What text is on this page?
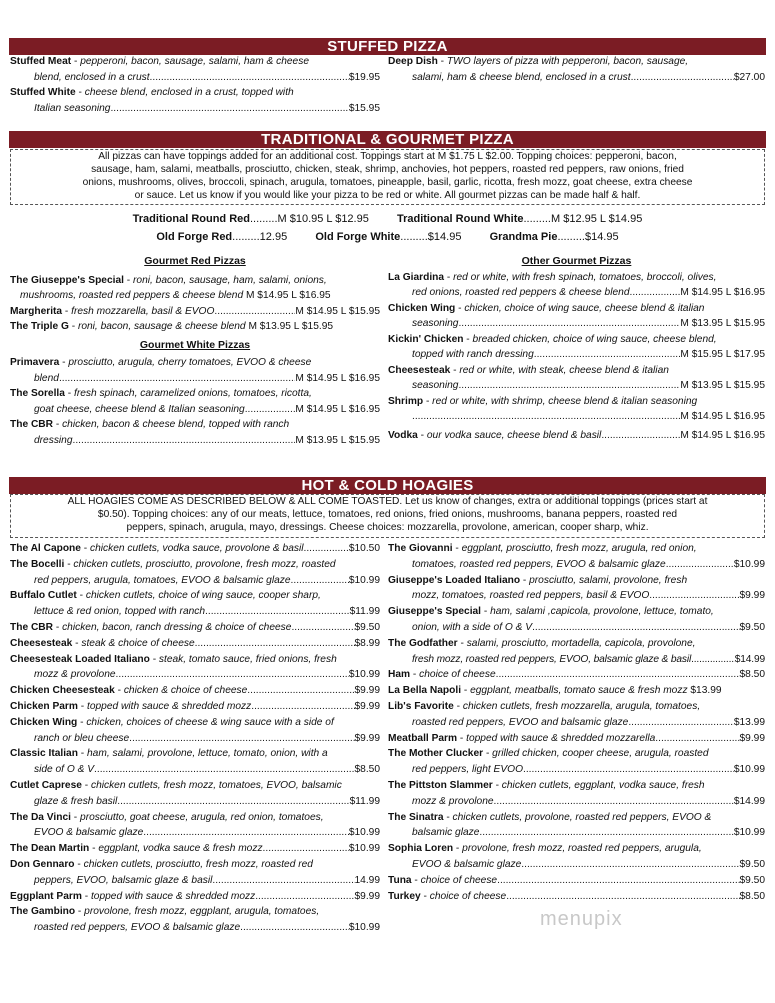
STUFFED PIZZA
Stuffed Meat - pepperoni, bacon, sausage, salami, ham & cheese
blend, enclosed in a crust .....	$19.95
Stuffed White - cheese blend, enclosed in a crust, topped with
Italian seasoning .....	$15.95
Deep Dish - TWO layers of pizza with pepperoni, bacon, sausage,
salami, ham & cheese blend, enclosed in a crust .....	$27.00
TRADITIONAL & GOURMET PIZZA
All pizzas can have toppings added for an additional cost. Toppings start at M $1.75 L $2.00. Topping choices: pepperoni, bacon,
sausage, ham, salami, meatballs, prosciutto, chicken, steak, shrimp, anchovies, hot peppers, roasted red peppers, raw onions, fried
onions, mushrooms, olives, broccoli, spinach, arugula, tomatoes, pineapple, basil, garlic, ricotta, fresh mozz, goat cheese, extra cheese
or sauce. Let us know if you would like your pizza to be red or white. All gourmet pizzas can be made half & half.
Traditional Round Red.........M $10.95 L $12.95	Traditional Round White.........M $12.95 L $14.95
Old Forge Red.........12.95	Old Forge White.........$14.95	Grandma Pie.........$14.95
Gourmet Red Pizzas
The Giuseppe's Special - roni, bacon, sausage, ham, salami, onions,
mushrooms, roasted red peppers & cheese blend
M $14.95 L $16.95
Margherita - fresh mozzarella, basil & EVOO .....	M $14.95 L $15.95
The Triple G - roni, bacon, sausage & cheese blend
M $13.95 L $15.95
Gourmet White Pizzas
Primavera - prosciutto, arugula, cherry tomatoes, EVOO & cheese
blend .....	M $14.95 L $16.95
The Sorella - fresh spinach, caramelized onions, tomatoes, ricotta,
goat cheese, cheese blend & Italian seasoning .....	M $14.95 L $16.95
The CBR - chicken, bacon & cheese blend, topped with ranch
dressing .....	M $13.95 L $15.95
Other Gourmet Pizzas
La Giardina - red or white, with fresh spinach, tomatoes, broccoli, olives,
red onions, roasted red peppers & cheese blend .....	M $14.95 L $16.95
Chicken Wing - chicken, choice of wing sauce, cheese blend & italian
seasoning .....	M $13.95 L $15.95
Kickin' Chicken - breaded chicken, choice of wing sauce, cheese blend,
topped with ranch dressing .....	M $15.95 L $17.95
Cheesesteak - red or white, with steak, cheese blend & italian
seasoning .....	M $13.95 L $15.95
Shrimp - red or white, with shrimp, cheese blend & italian seasoning
.....
M $14.95 L $16.95
Vodka - our vodka sauce, cheese blend & basil .....	M $14.95 L $16.95
HOT & COLD HOAGIES
ALL HOAGIES COME AS DESCRIBED BELOW & ALL COME TOASTED. Let us know of changes, extra or additional toppings (prices start at
$0.50). Topping choices: any of our meats, lettuce, tomatoes, red onions, fried onions, mushrooms, banana peppers, roasted red
peppers, spinach, arugula, mayo, dressings. Cheese choices: mozzarella, provolone, american, cooper sharp, whiz.
The Al Capone - chicken cutlets, vodka sauce, provolone & basil .....	$10.50
The Bocelli - chicken cutlets, prosciutto, provolone, fresh mozz, roasted
red peppers, arugula, tomatoes, EVOO & balsamic glaze .....	$10.99
Buffalo Cutlet - chicken cutlets, choice of wing sauce, cooper sharp,
lettuce & red onion, topped with ranch .....	$11.99
The CBR - chicken, bacon, ranch dressing & choice of cheese .....	$9.50
Cheesesteak - steak & choice of cheese .....	$8.99
Cheesesteak Loaded Italiano - steak, tomato sauce, fried onions, fresh
mozz & provolone .....	$10.99
Chicken Cheesesteak - chicken & choice of cheese .....	$9.99
Chicken Parm - topped with sauce & shredded mozz .....	$9.99
Chicken Wing - chicken, choices of cheese & wing sauce with a side of
ranch or bleu cheese .....	$9.99
Classic Italian - ham, salami, provolone, lettuce, tomato, onion, with a
side of O & V .....	$8.50
Cutlet Caprese - chicken cutlets, fresh mozz, tomatoes, EVOO, balsamic
glaze & fresh basil .....	$11.99
The Da Vinci - prosciutto, goat cheese, arugula, red onion, tomatoes,
EVOO & balsamic glaze .....	$10.99
The Dean Martin - eggplant, vodka sauce & fresh mozz .....	$10.99
Don Gennaro - chicken cutlets, prosciutto, fresh mozz, roasted red
peppers, EVOO, balsamic glaze & basil .....	14.99
Eggplant Parm - topped with sauce & shredded mozz .....	$9.99
The Gambino - provolone, fresh mozz, eggplant, arugula, tomatoes,
roasted red peppers, EVOO & balsamic glaze .....	$10.99
The Giovanni - eggplant, prosciutto, fresh mozz, arugula, red onion,
tomatoes, roasted red peppers, EVOO & balsamic glaze .....	$10.99
Giuseppe's Loaded Italiano - prosciutto, salami, provolone, fresh
mozz, tomatoes, roasted red peppers, basil & EVOO .....	$9.99
Giuseppe's Special - ham, salami ,capicola, provolone, lettuce, tomato,
onion, with a side of O & V .....	$9.50
The Godfather - salami, prosciutto, mortadella, capicola, provolone,
fresh mozz, roasted red peppers, EVOO, balsamic glaze & basil .....	$14.99
Ham - choice of cheese .....	$8.50
La Bella Napoli - eggplant, meatballs, tomato sauce & fresh mozz
$13.99
Lib's Favorite - chicken cutlets, fresh mozzarella, arugula, tomatoes,
roasted red peppers, EVOO and balsamic glaze .....	$13.99
Meatball Parm - topped with sauce & shredded mozzarella .....	$9.99
The Mother Clucker - grilled chicken, cooper cheese, arugula, roasted
red peppers, light EVOO .....	$10.99
The Pittston Slammer - chicken cutlets, eggplant, vodka sauce, fresh
mozz & provolone .....	$14.99
The Sinatra - chicken cutlets, provolone, roasted red peppers, EVOO &
balsamic glaze .....	$10.99
Sophia Loren - provolone, fresh mozz, roasted red peppers, arugula,
EVOO & balsamic glaze .....	$9.50
Tuna - choice of cheese .....	$9.50
Turkey - choice of cheese .....	$8.50
menupix
